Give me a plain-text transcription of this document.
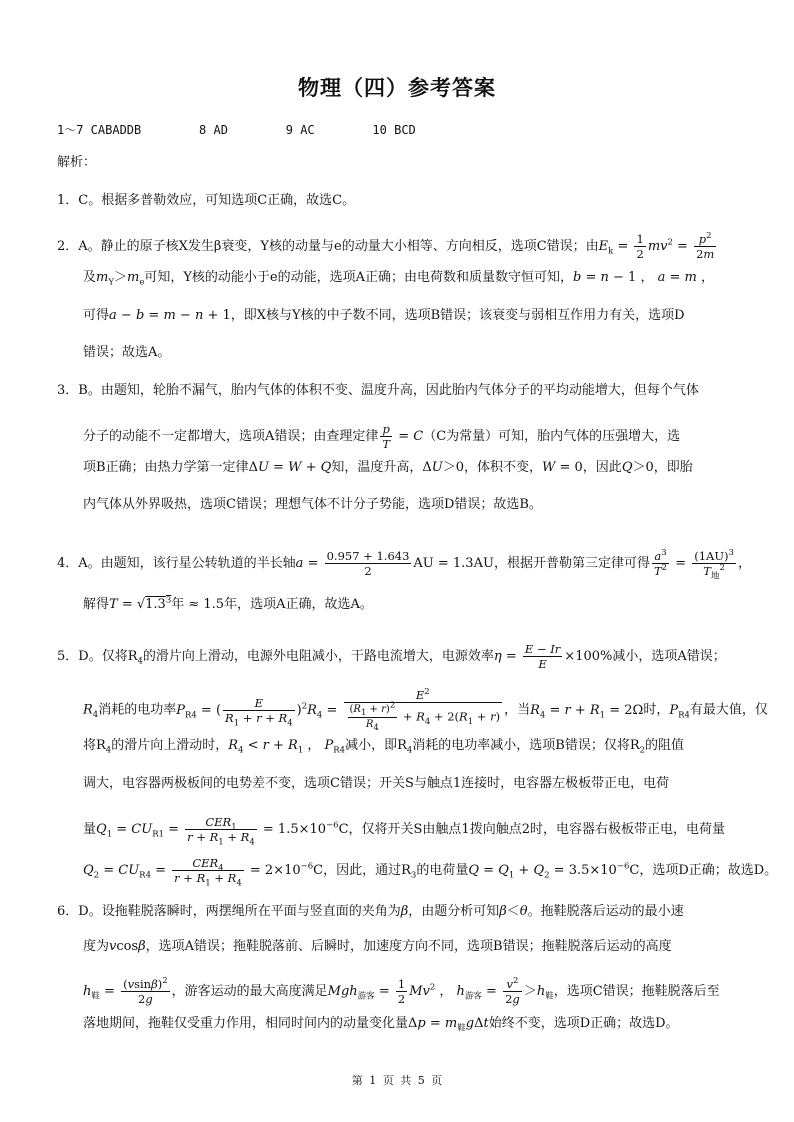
物理（四）参考答案
1～7 CABADDB        8 AD        9 AC        10 BCD
解析：
1．C。根据多普勒效应，可知选项C正确，故选C。
2．A。静止的原子核X发生β衰变，Y核的动量与e的动量大小相等、方向相反，选项C错误；由$E_k = \frac{1}{2} mv^2 = \frac{p^2}{2m}$
及$m_Y>m_e$可知，Y核的动能小于e的动能，选项A正确；由电荷数和质量数守恒可知，b = n − 1 ， a = m ，
可得a − b = m − n + 1，即X核与Y核的中子数不同，选项B错误；该衰变与弱相互作用力有关，选项D
错误；故选A。
3．B。由题知，轮胎不漏气，胎内气体的体积不变、温度升高，因此胎内气体分子的平均动能增大，但每个气体
分子的动能不一定都增大，选项A错误；由查理定律 $\frac{p}{T} = C(C$为常量）可知，胎内气体的压强增大，选
项B正确；由热力学第一定律ΔU = W + Q知，温度升高，ΔU＞0，体积不变，W = 0，因此Q＞0，即胎
内气体从外界吸热，选项C错误；理想气体不计分子势能，选项D错误；故选B。
4．A。由题知，该行星公转轨道的半长轴$a = \frac{0.957 + 1.643}{2}$ AU = 1.3AU，根据开普勒第三定律可得 $\frac{a^3}{T^2} = \frac{(1AU)^3}{T_地^2}$ ，
解得$T = √1.3^3$年 ≈ 1.5年，选项A正确，故选A。
5．D。仅将$R_4$的滑片向上滑动，电源外电阻减小，干路电流增大，电源效率$\eta = \frac{E - Ir}{E} \times 100\%$减小，选项A错误；
$R_4$消耗的电功率$P_{R4}$ = ( $\frac{E}{R_1 + r + R_4} )^2R_4 = \frac{E^2}{\frac{(R_1 + r)^2}{R_4} + R_4 + 2(R_1 + r)}$ ，当$R_4 = r + R_1 = 2\Omega$时，$P_{R4}$有最大值，仅
将$R_4$的滑片向上滑动时，$R_4 < r + R_1$ ， $P_{R4}$减小，即$R_4$消耗的电功率减小，选项B错误；仅将$R_2$的阻值
调大，电容器两极板间的电势差不变，选项C错误；开关S与触点1连接时，电容器左极板带正电，电荷
量$Q_1 = CU_{R1} = \frac{CER_1}{r + R_1 + R_4} = 1.5\times 10^{-6}C$，仅将开关S由触点1拨向触点2时，电容器右极板带正电，电荷量
$Q_2 = CU_{R4} = \frac{CER_4}{r + R_1 + R_4} = 2\times 10^{-6}C$，因此，通过$R_3$的电荷量$Q = Q_1 + Q_2 = 3.5\times 10^{-6}C$，选项D正确；故选D。
6．D。设拖鞋脱落瞬时，两摆绳所在平面与竖直面的夹角为β，由题分析可知β＜θ。拖鞋脱落后运动的最小速
度为vcosβ，选项A错误；拖鞋脱落前、后瞬时，加速度方向不同，选项B错误；拖鞋脱落后运动的高度
$h_鞋 = \frac{(vsin\beta)^2}{2g}$ ，游客运动的最大高度满足$Mgh_{游客} = \frac{1}{2} Mv^2$ ， $h_{游客} = \frac{v^2}{2g} >h_鞋$，选项C错误；拖鞋脱落后至
落地期间，拖鞋仅受重力作用，相同时间内的动量变化量$\Delta p = m_鞋g\Delta t$始终不变，选项D正确；故选D。
第 1 页 共 5 页
